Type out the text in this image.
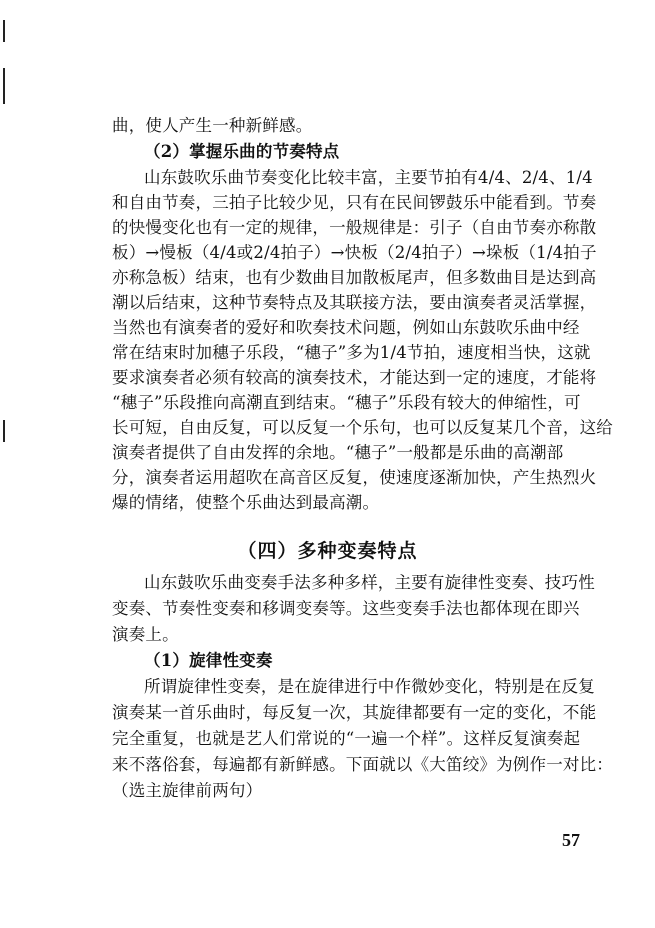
曲，使人产生一种新鲜感。
（2）掌握乐曲的节奏特点
山东鼓吹乐曲节奏变化比较丰富，主要节拍有4/4、2/4、1/4
和自由节奏，三拍子比较少见，只有在民间锣鼓乐中能看到。节奏
的快慢变化也有一定的规律，一般规律是：引子（自由节奏亦称散
板）→慢板（4/4或2/4拍子）→快板（2/4拍子）→垛板（1/4拍子
亦称急板）结束，也有少数曲目加散板尾声，但多数曲目是达到高
潮以后结束，这种节奏特点及其联接方法，要由演奏者灵活掌握，
当然也有演奏者的爱好和吹奏技术问题，例如山东鼓吹乐曲中经
常在结束时加穗子乐段，“穗子”多为1/4节拍，速度相当快，这就
要求演奏者必须有较高的演奏技术，才能达到一定的速度，才能将
“穗子”乐段推向高潮直到结束。“穗子”乐段有较大的伸缩性，可
长可短，自由反复，可以反复一个乐句，也可以反复某几个音，这给
演奏者提供了自由发挥的余地。“穗子”一般都是乐曲的高潮部
分，演奏者运用超吹在高音区反复，使速度逐渐加快，产生热烈火
爆的情绪，使整个乐曲达到最高潮。
（四）多种变奏特点
山东鼓吹乐曲变奏手法多种多样，主要有旋律性变奏、技巧性
变奏、节奏性变奏和移调变奏等。这些变奏手法也都体现在即兴
演奏上。
（1）旋律性变奏
所谓旋律性变奏，是在旋律进行中作微妙变化，特别是在反复
演奏某一首乐曲时，每反复一次，其旋律都要有一定的变化，不能
完全重复，也就是艺人们常说的“一遍一个样”。这样反复演奏起
来不落俗套，每遍都有新鲜感。下面就以《大笛绞》为例作一对比：
（选主旋律前两句）
57
